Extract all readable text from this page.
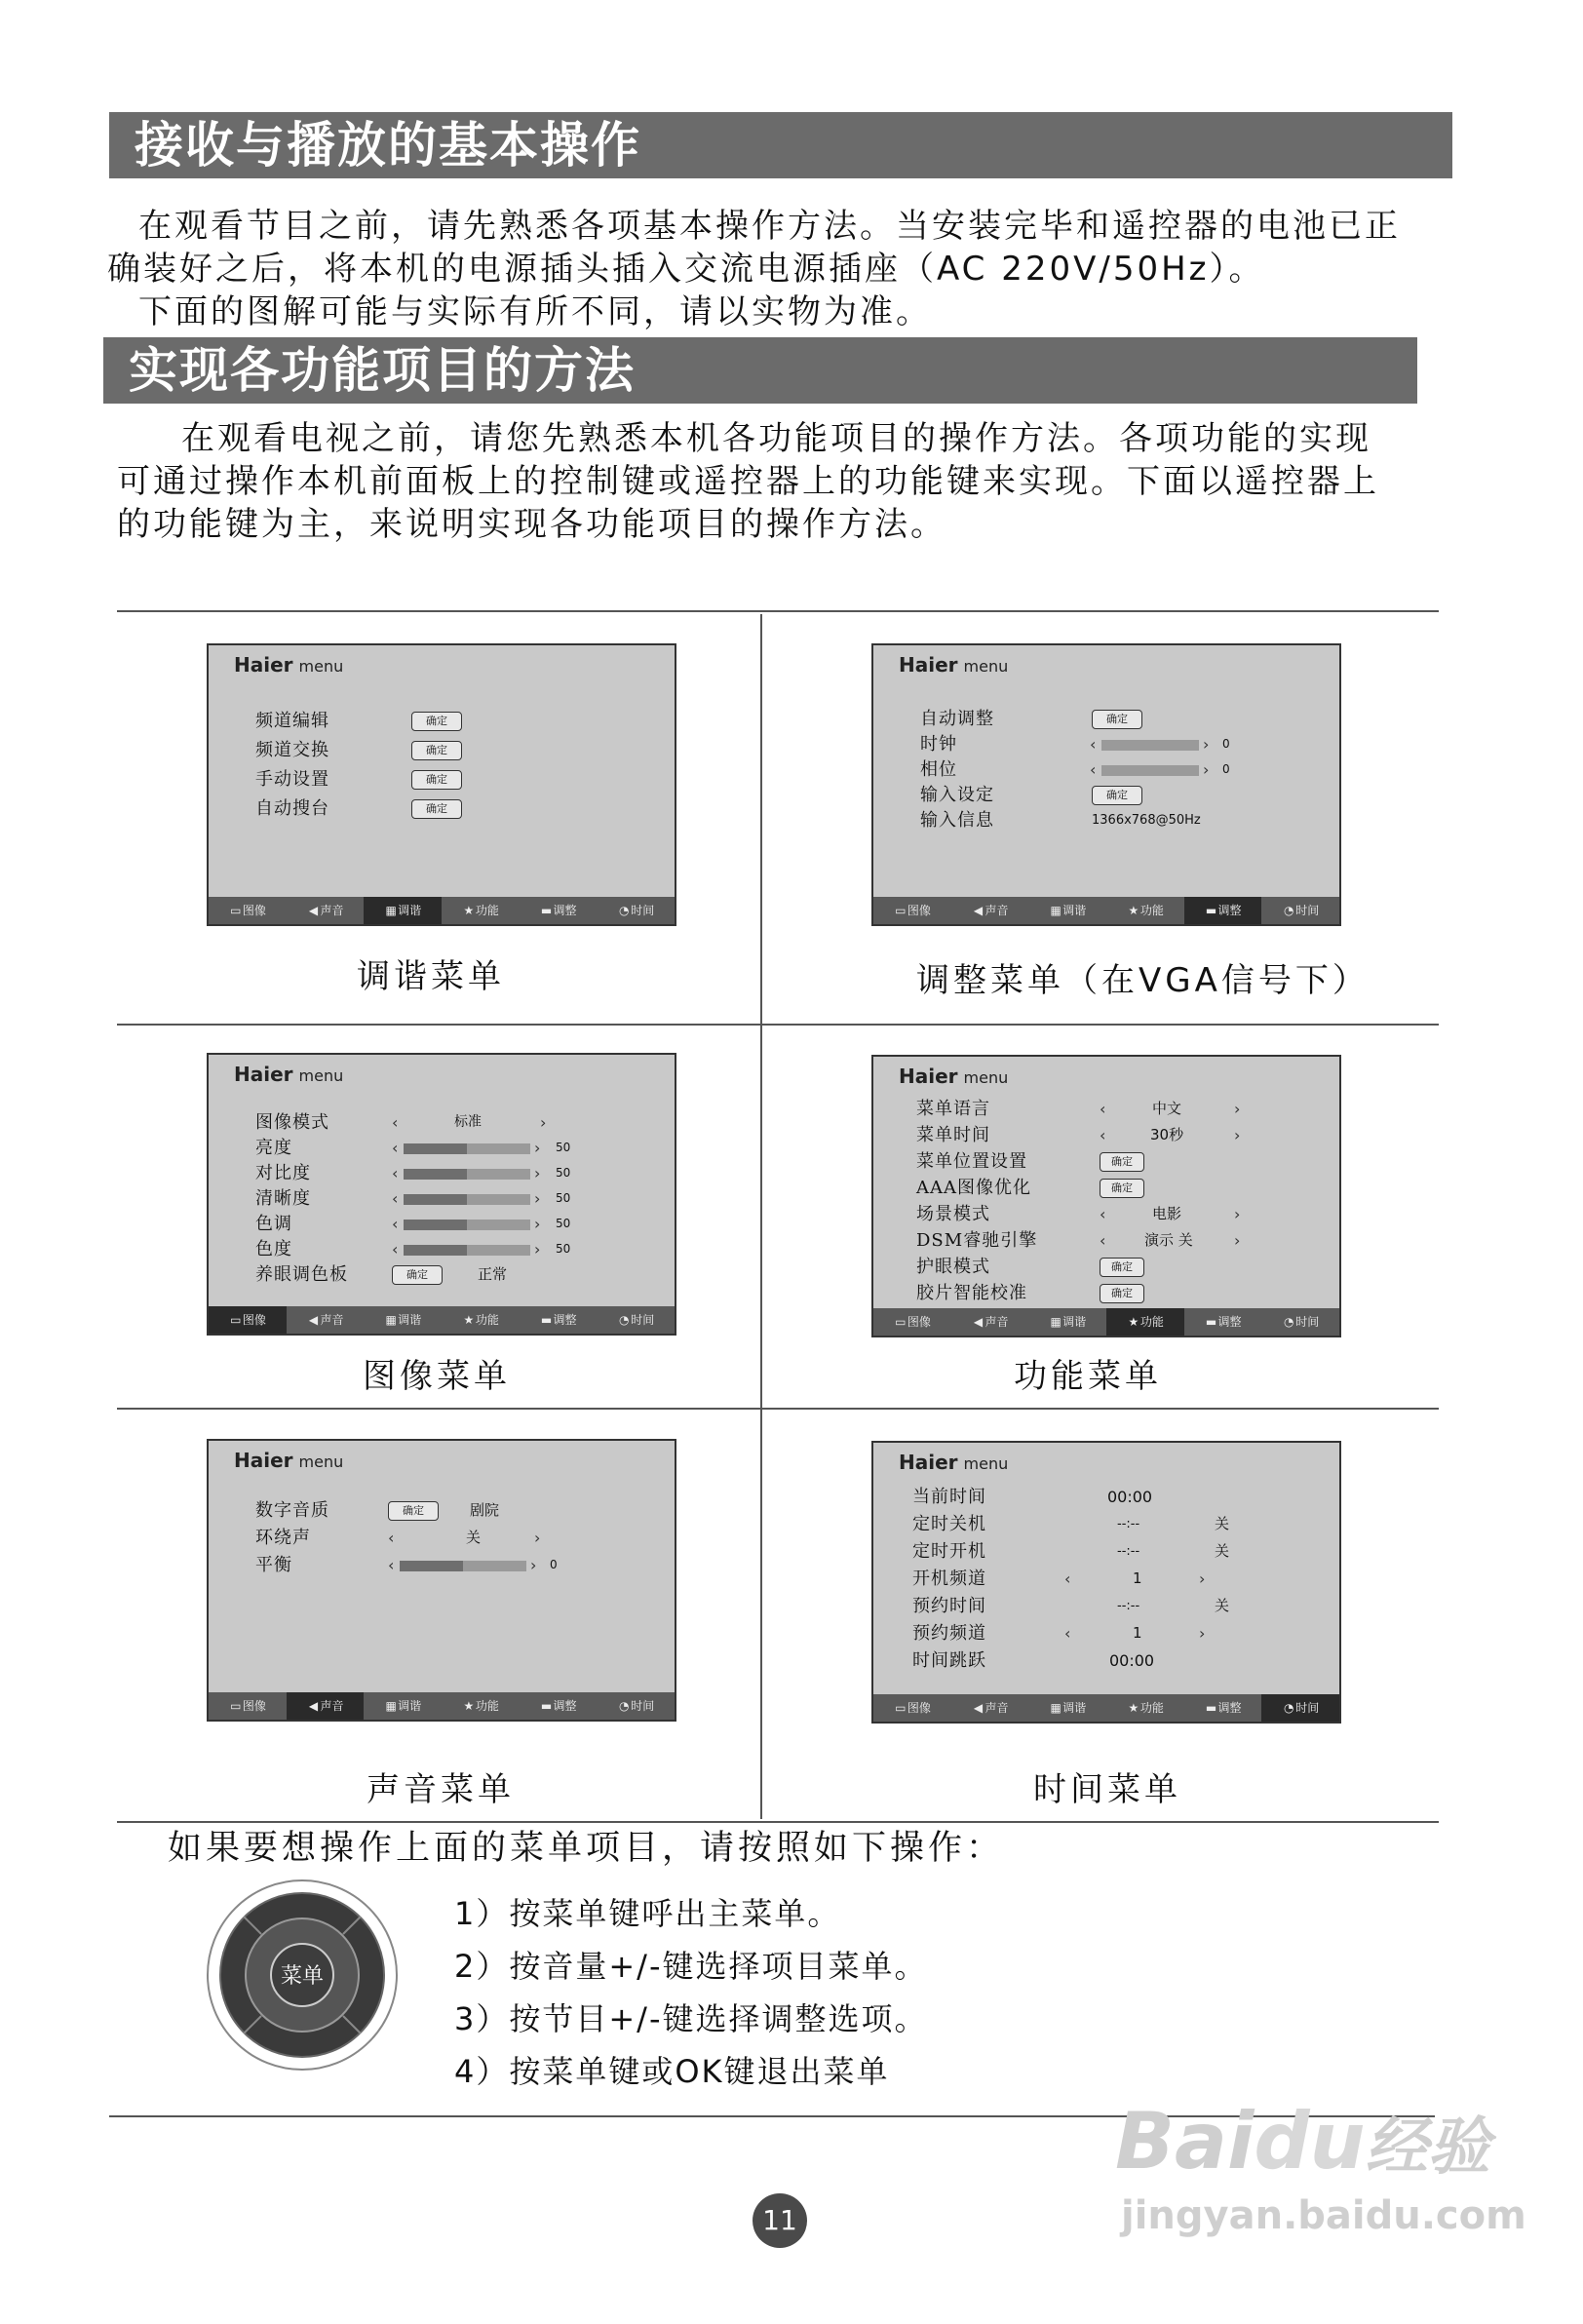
接收与播放的基本操作
在观看节目之前，请先熟悉各项基本操作方法。当安装完毕和遥控器的电池已正
确装好之后，将本机的电源插头插入交流电源插座（AC 220V/50Hz）。
下面的图解可能与实际有所不同，请以实物为准。
实现各功能项目的方法
在观看电视之前，请您先熟悉本机各功能项目的操作方法。各项功能的实现
可通过操作本机前面板上的控制键或遥控器上的功能键来实现。下面以遥控器上
的功能键为主，来说明实现各功能项目的操作方法。
Haier menu
频道编辑	确定
频道交换	确定
手动设置	确定
自动搜台	确定
▭图像	◀ 声音	▦调谐	★ 功能	▬调整	◔ 时间
调谐菜单
Haier menu
自动调整	确定
时钟	‹	› 0
相位	‹	› 0
输入设定	确定
输入信息	1366x768@50Hz
▭图像	◀ 声音	▦调谐	★ 功能	▬调整	◔ 时间
调整菜单（在VGA信号下）
Haier menu
图像模式	‹	标准	›
亮度	‹	› 50
对比度	‹	› 50
清晰度	‹	› 50
色调	‹	› 50
色度	‹	› 50
养眼调色板	确定	正常
▭图像	◀ 声音	▦调谐	★ 功能	▬调整	◔ 时间
图像菜单
Haier menu
菜单语言	‹	中文	›
菜单时间	‹	30秒	›
菜单位置设置	确定
AAA图像优化	确定
场景模式	‹	电影	›
DSM睿驰引擎	‹	演示 关	›
护眼模式	确定
胶片智能校准	确定
▭图像	◀ 声音	▦调谐	★ 功能	▬调整	◔ 时间
功能菜单
Haier menu
数字音质	确定	剧院
环绕声	‹	关	›
平衡	‹	› 0
▭图像	◀ 声音	▦调谐	★ 功能	▬调整	◔ 时间
声音菜单
Haier menu
当前时间	00:00
定时关机	--:--	关
定时开机	--:--	关
开机频道	‹	1	›
预约时间	--:--	关
预约频道	‹	1	›
时间跳跃	00:00
▭图像	◀ 声音	▦调谐	★ 功能	▬调整	◔ 时间
时间菜单
如果要想操作上面的菜单项目，请按照如下操作：
菜单
1）按菜单键呼出主菜单。
2）按音量+/-键选择项目菜单。
3）按节目+/-键选择调整选项。
4）按菜单键或OK键退出菜单
11
Baidu经验
jingyan.baidu.com
